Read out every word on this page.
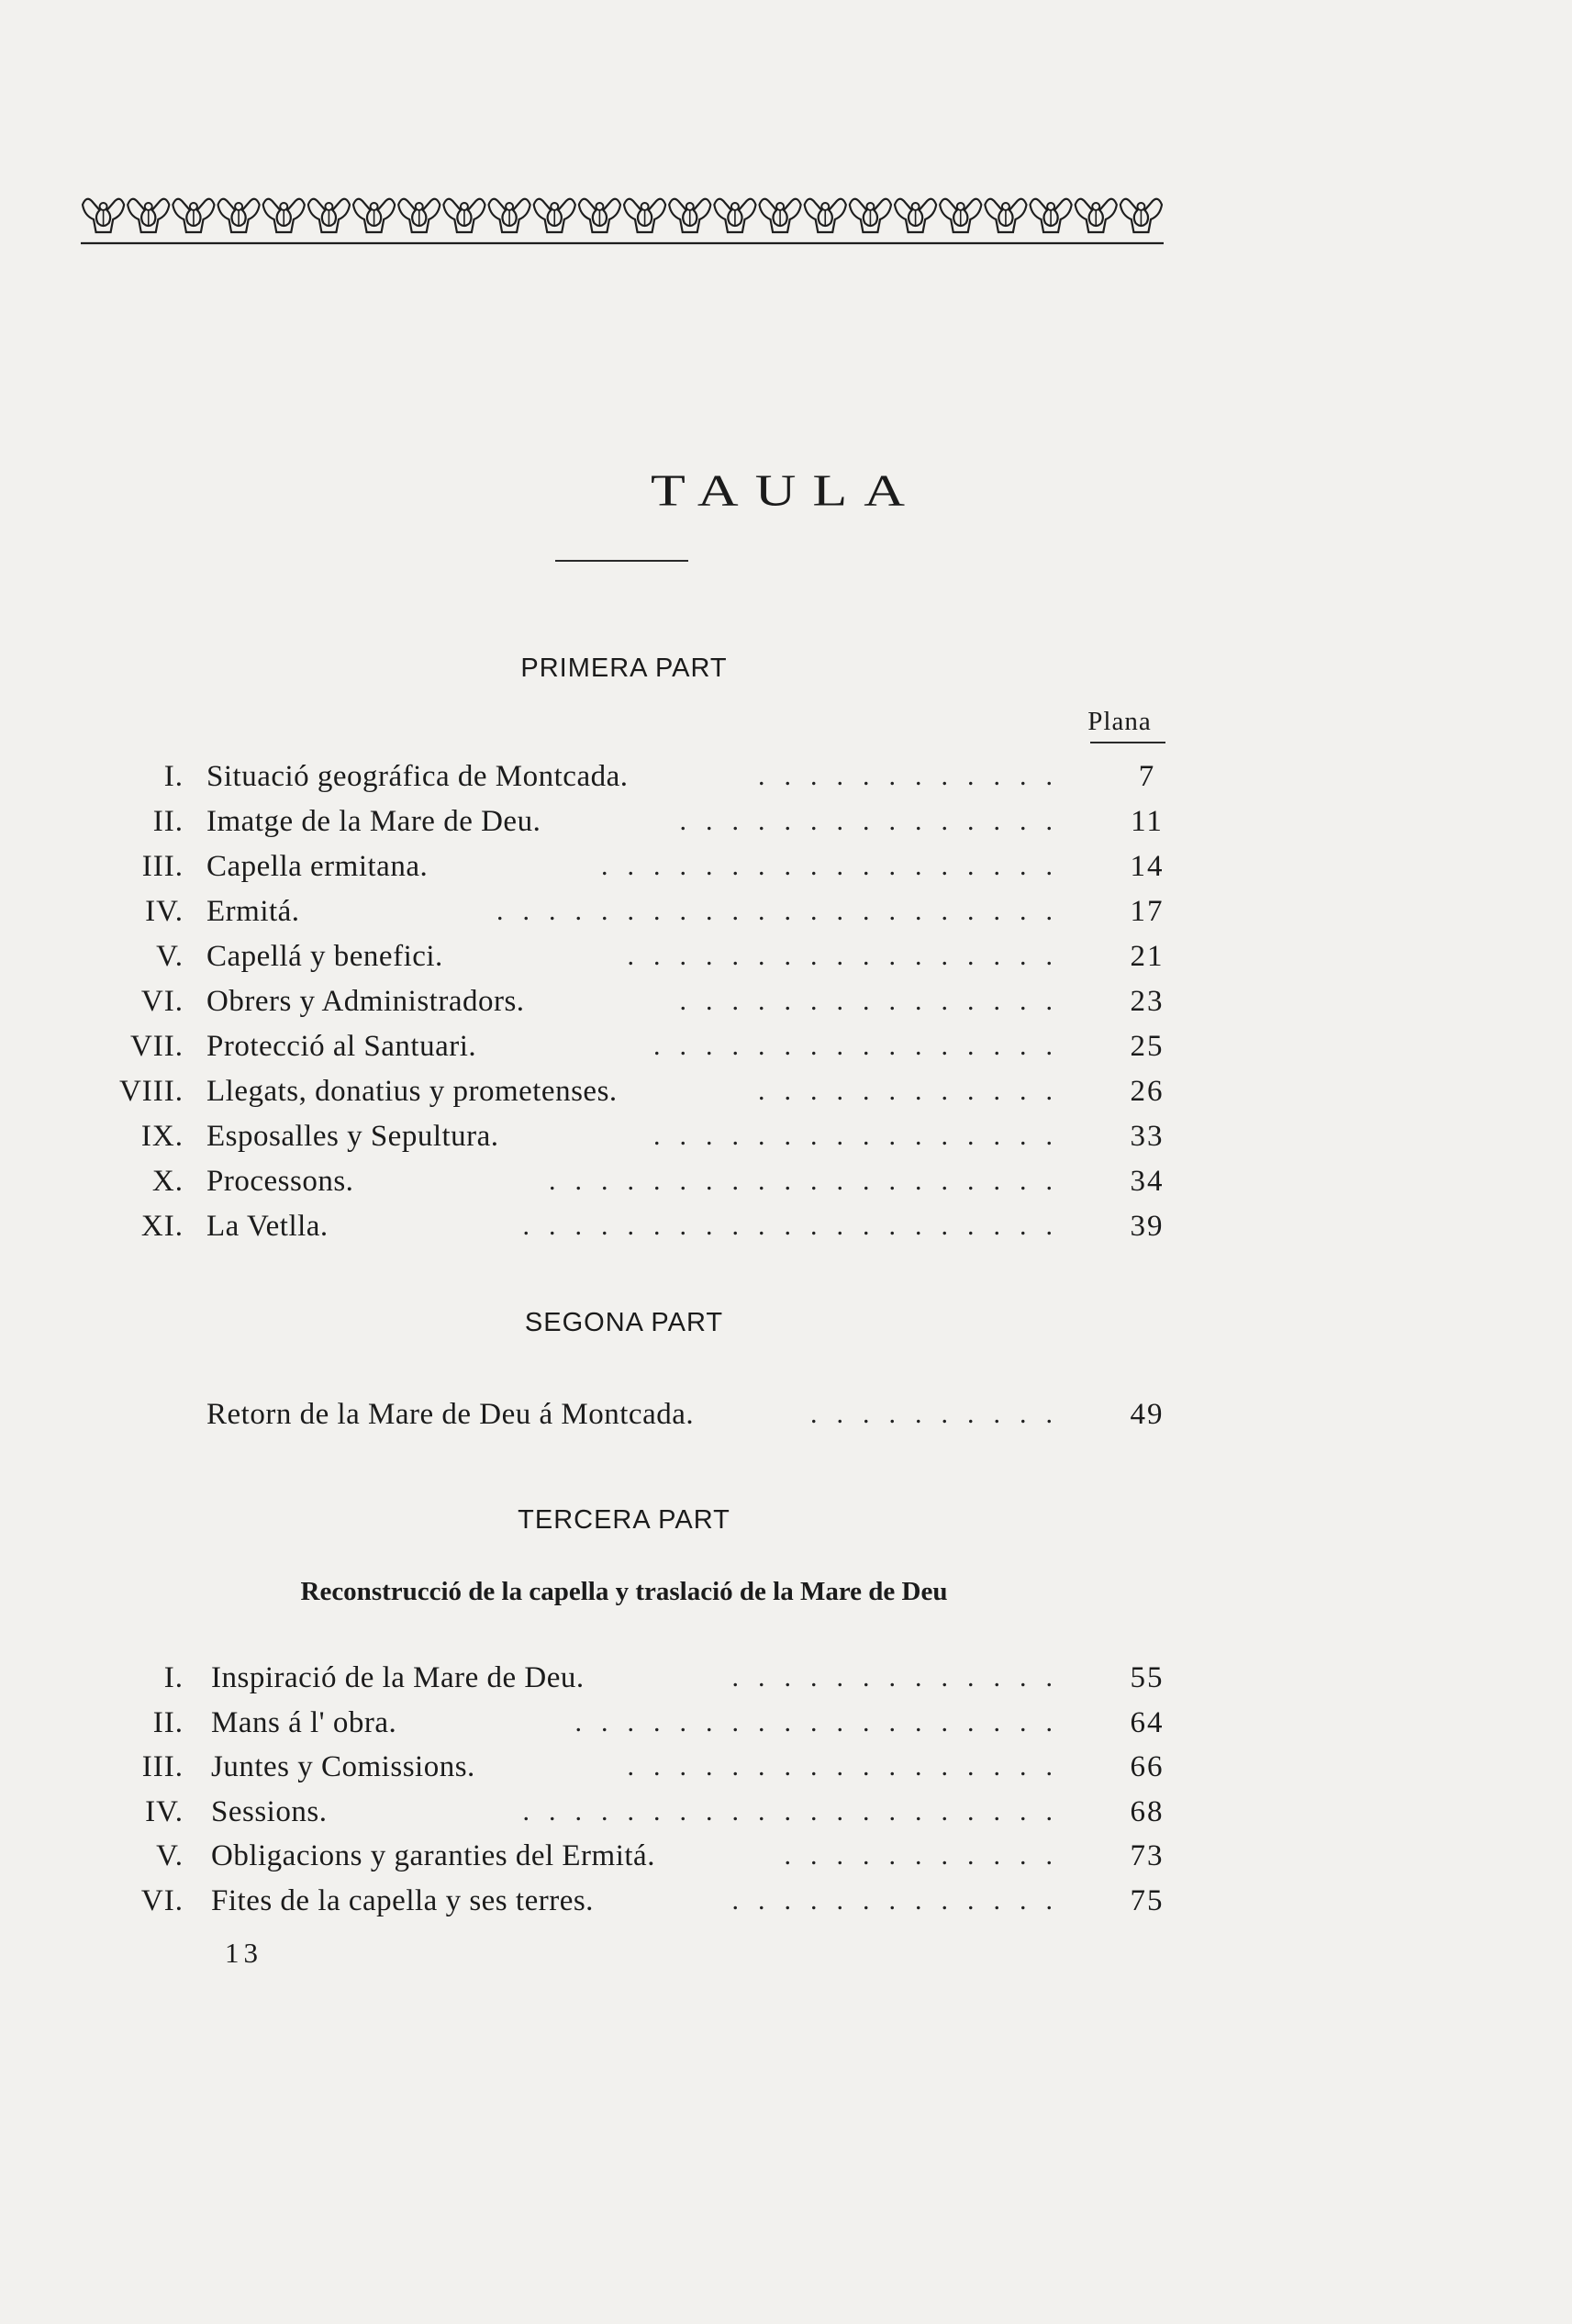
TAULA
PRIMERA PART
Plana
I. Situació geográfica de Montcada.	............	7
II. Imatge de la Mare de Deu.	...............	11
III. Capella ermitana.	..................	14
IV. Ermitá.	......................	17
V. Capellá y benefici.	.................	21
VI. Obrers y Administradors.	...............	23
VII. Protecció al Santuari.	................	25
VIII. Llegats, donatius y prometenses.	............	26
IX. Esposalles y Sepultura.	................	33
X. Processons.	....................	34
XI. La Vetlla.	.....................	39
SEGONA PART
Retorn de la Mare de Deu á Montcada.	..........	49
TERCERA PART
Reconstrucció de la capella y traslació de la Mare de Deu
I. Inspiració de la Mare de Deu.	.............	55
II. Mans á l' obra.	...................	64
III. Juntes y Comissions.	.................	66
IV. Sessions.	.....................	68
V. Obligacions y garanties del Ermitá.	...........	73
VI. Fites de la capella y ses terres.	.............	75
13
